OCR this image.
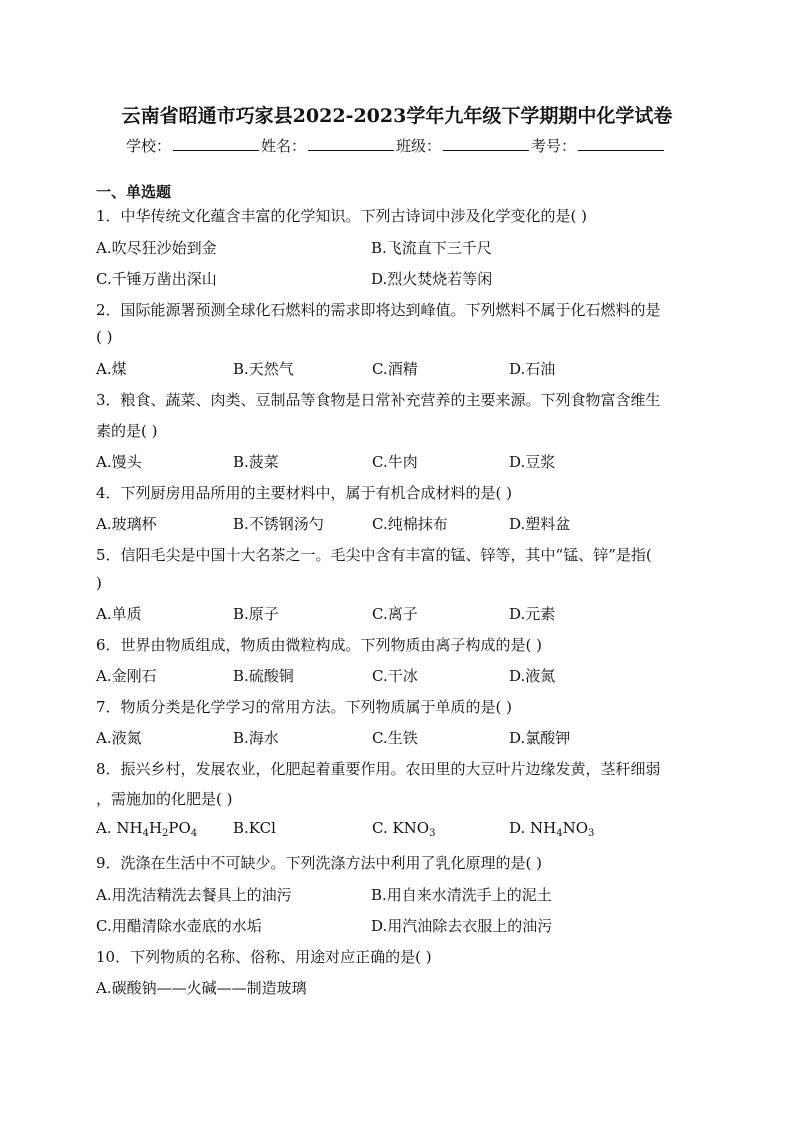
云南省昭通市巧家县2022-2023学年九年级下学期期中化学试卷
学校：	姓名：	班级：	考号：
一、单选题
1．中华传统文化蕴含丰富的化学知识。下列古诗词中涉及化学变化的是( )
A.吹尽狂沙始到金	B.飞流直下三千尺
C.千锤万凿出深山	D.烈火焚烧若等闲
2．国际能源署预测全球化石燃料的需求即将达到峰值。下列燃料不属于化石燃料的是
( )
A.煤	B.天然气	C.酒精	D.石油
3．粮食、蔬菜、肉类、豆制品等食物是日常补充营养的主要来源。下列食物富含维生
素的是( )
A.馒头	B.菠菜	C.牛肉	D.豆浆
4．下列厨房用品所用的主要材料中，属于有机合成材料的是( )
A.玻璃杯	B.不锈钢汤勺	C.纯棉抹布	D.塑料盆
5．信阳毛尖是中国十大名茶之一。毛尖中含有丰富的锰、锌等，其中“锰、锌”是指(
)
A.单质	B.原子	C.离子	D.元素
6．世界由物质组成，物质由微粒构成。下列物质由离子构成的是( )
A.金刚石	B.硫酸铜	C.干冰	D.液氮
7．物质分类是化学学习的常用方法。下列物质属于单质的是( )
A.液氮	B.海水	C.生铁	D.氯酸钾
8．振兴乡村，发展农业，化肥起着重要作用。农田里的大豆叶片边缘发黄，茎秆细弱
，需施加的化肥是( )
A. $NH_4H_2PO_4$ B.KCl	C. $KNO_3$	D. $NH_4NO_3$
9．洗涤在生活中不可缺少。下列洗涤方法中利用了乳化原理的是( )
A.用洗洁精洗去餐具上的油污	B.用自来水清洗手上的泥土
C.用醋清除水壶底的水垢	D.用汽油除去衣服上的油污
10．下列物质的名称、俗称、用途对应正确的是( )
A.碳酸钠——火碱——制造玻璃
